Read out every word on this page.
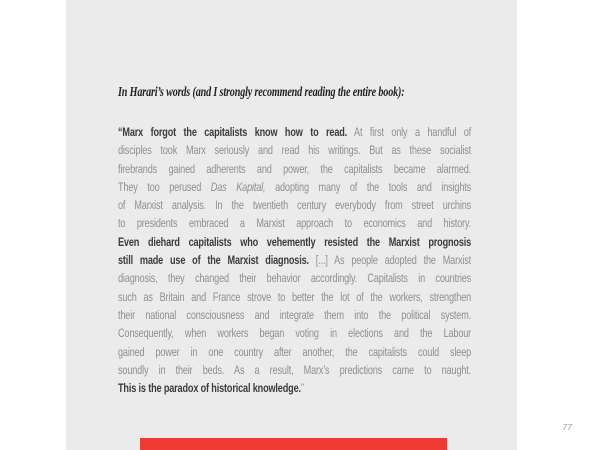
In Harari’s words (and I strongly recommend reading the entire book):
“Marx forgot the capitalists know how to read. At first only a handful of
disciples took Marx seriously and read his writings. But as these socialist
firebrands gained adherents and power, the capitalists became alarmed.
They too perused Das Kapital, adopting many of the tools and insights
of Marxist analysis. In the twentieth century everybody from street urchins
to presidents embraced a Marxist approach to economics and history.
Even diehard capitalists who vehemently resisted the Marxist prognosis
still made use of the Marxist diagnosis. [...] As people adopted the Marxist
diagnosis, they changed their behavior accordingly. Capitalists in countries
such as Britain and France strove to better the lot of the workers, strengthen
their national consciousness and integrate them into the political system.
Consequently, when workers began voting in elections and the Labour
gained power in one country after another, the capitalists could sleep
soundly in their beds. As a result, Marx’s predictions came to naught.
This is the paradox of historical knowledge.”
77
